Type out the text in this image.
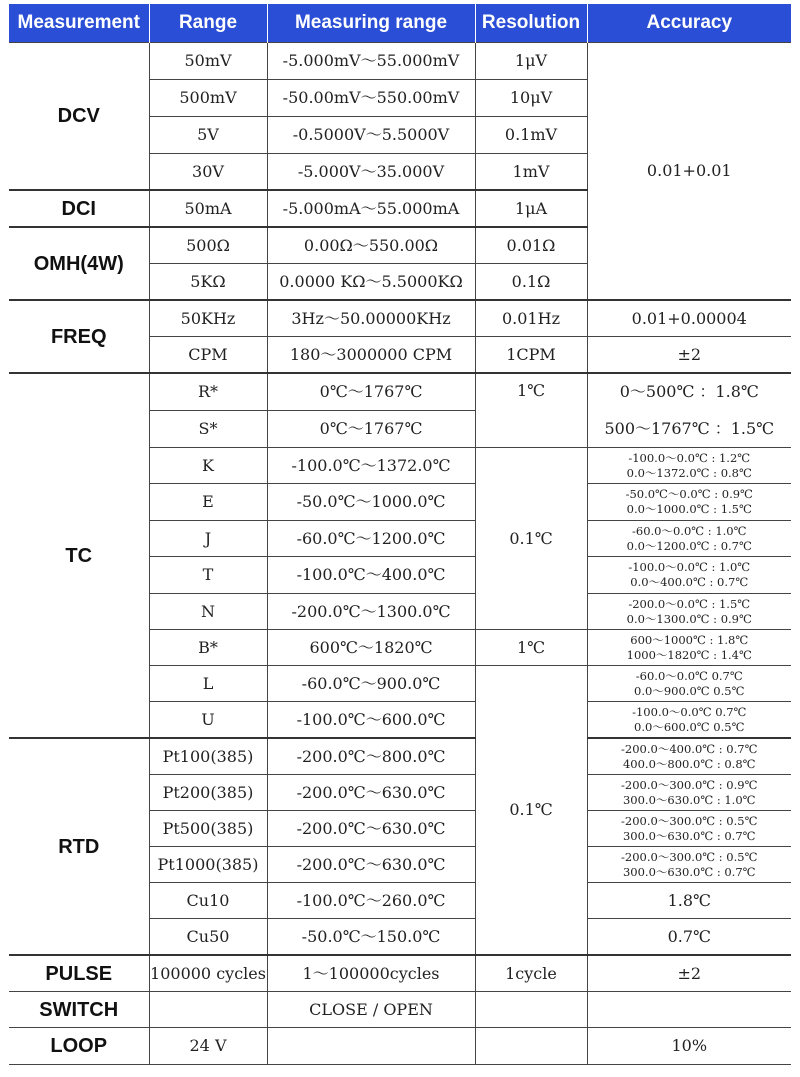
Measurement	Range	Measuring range	Resolution	Accuracy
DCV	50mV	-5.000mV～55.000mV	1μV	0.01+0.01
	500mV	-50.00mV～550.00mV	10μV	
	5V	-0.5000V～5.5000V	0.1mV	
	30V	-5.000V～35.000V	1mV	
DCI	50mA	-5.000mA～55.000mA	1μA	
OMH(4W)	500Ω	0.00Ω～550.00Ω	0.01Ω	
	5KΩ	0.0000 KΩ～5.5000KΩ	0.1Ω	
FREQ	50KHz	3Hz～50.00000KHz	0.01Hz	0.01+0.00004
	CPM	180～3000000 CPM	1CPM	±2
TC	R*	0℃～1767℃	1℃	0～500℃ ：1.8℃
	S*	0℃～1767℃		500～1767℃ ：1.5℃
	K	-100.0℃～1372.0℃	0.1℃	-100.0～0.0℃ : 1.2℃
0.0～1372.0℃ : 0.8℃

	E	-50.0℃～1000.0℃		-50.0℃～0.0℃ : 0.9℃
0.0～1000.0℃ : 1.5℃

	J	-60.0℃～1200.0℃		-60.0～0.0℃ : 1.0℃
0.0～1200.0℃ : 0.7℃

	T	-100.0℃～400.0℃		-100.0～0.0℃ : 1.0℃
0.0～400.0℃ : 0.7℃

	N	-200.0℃～1300.0℃		-200.0～0.0℃ : 1.5℃
0.0～1300.0℃ : 0.9℃

	B*	600℃～1820℃	1℃	600～1000℃ : 1.8℃
1000～1820℃ : 1.4℃

	L	-60.0℃～900.0℃	0.1℃	-60.0～0.0℃ 0.7℃
0.0～900.0℃ 0.5℃

	U	-100.0℃～600.0℃		-100.0～0.0℃ 0.7℃
0.0～600.0℃ 0.5℃

RTD	Pt100(385)	-200.0℃～800.0℃		-200.0～400.0℃ : 0.7℃
400.0～800.0℃ : 0.8℃

	Pt200(385)	-200.0℃～630.0℃		-200.0～300.0℃ : 0.9℃
300.0～630.0℃ : 1.0℃

	Pt500(385)	-200.0℃～630.0℃		-200.0～300.0℃ : 0.5℃
300.0～630.0℃ : 0.7℃

	Pt1000(385)	-200.0℃～630.0℃		-200.0～300.0℃ : 0.5℃
300.0～630.0℃ : 0.7℃

	Cu10	-100.0℃～260.0℃		1.8℃
	Cu50	-50.0℃～150.0℃		0.7℃
PULSE	100000 cycles	1～100000cycles	1cycle	±2
SWITCH		CLOSE / OPEN		
LOOP	24 V			10%
